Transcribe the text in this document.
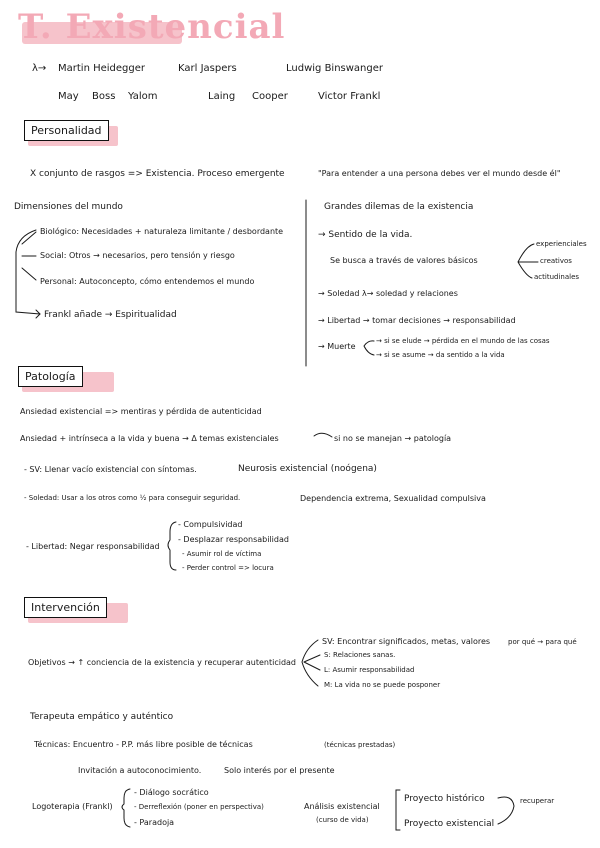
T. Existencial
λ→ Martin Heidegger	Karl Jaspers	Ludwig Binswanger
May Boss Yalom	Laing Cooper	Victor Frankl
Personalidad
X conjunto de rasgos => Existencia. Proceso emergente	"Para entender a una persona debes ver el mundo desde él"
Dimensiones del mundo
Biológico: Necesidades + naturaleza limitante / desbordante
Social: Otros → necesarios, pero tensión y riesgo
Personal: Autoconcepto, cómo entendemos el mundo
Frankl añade → Espiritualidad
Grandes dilemas de la existencia
→ Sentido de la vida.
Se busca a través de valores básicos
experienciales
creativos
actitudinales
→ Soledad λ→ soledad y relaciones
→ Libertad → tomar decisiones → responsabilidad
→ Muerte
→ si se elude → pérdida en el mundo de las cosas
→ si se asume → da sentido a la vida
Patología
Ansiedad existencial => mentiras y pérdida de autenticidad
Ansiedad + intrínseca a la vida y buena → Δ temas existenciales	si no se manejan → patología
- SV: Llenar vacío existencial con síntomas.	Neurosis existencial (noógena)
- Soledad: Usar a los otros como ½ para conseguir seguridad.	Dependencia extrema, Sexualidad compulsiva
- Libertad: Negar responsabilidad
- Compulsividad
- Desplazar responsabilidad
- Asumir rol de víctima
- Perder control => locura
Intervención
Objetivos → ↑ conciencia de la existencia y recuperar autenticidad
SV: Encontrar significados, metas, valores	por qué → para qué
S: Relaciones sanas.
L: Asumir responsabilidad
M: La vida no se puede posponer
Terapeuta empático y auténtico
Técnicas: Encuentro - P.P. más libre posible de técnicas	(técnicas prestadas)
Invitación a autoconocimiento.	Solo interés por el presente
Logoterapia (Frankl)
- Diálogo socrático
- Derreflexión (poner en perspectiva)
- Paradoja
Análisis existencial
(curso de vida)
Proyecto histórico
Proyecto existencial
recuperar
